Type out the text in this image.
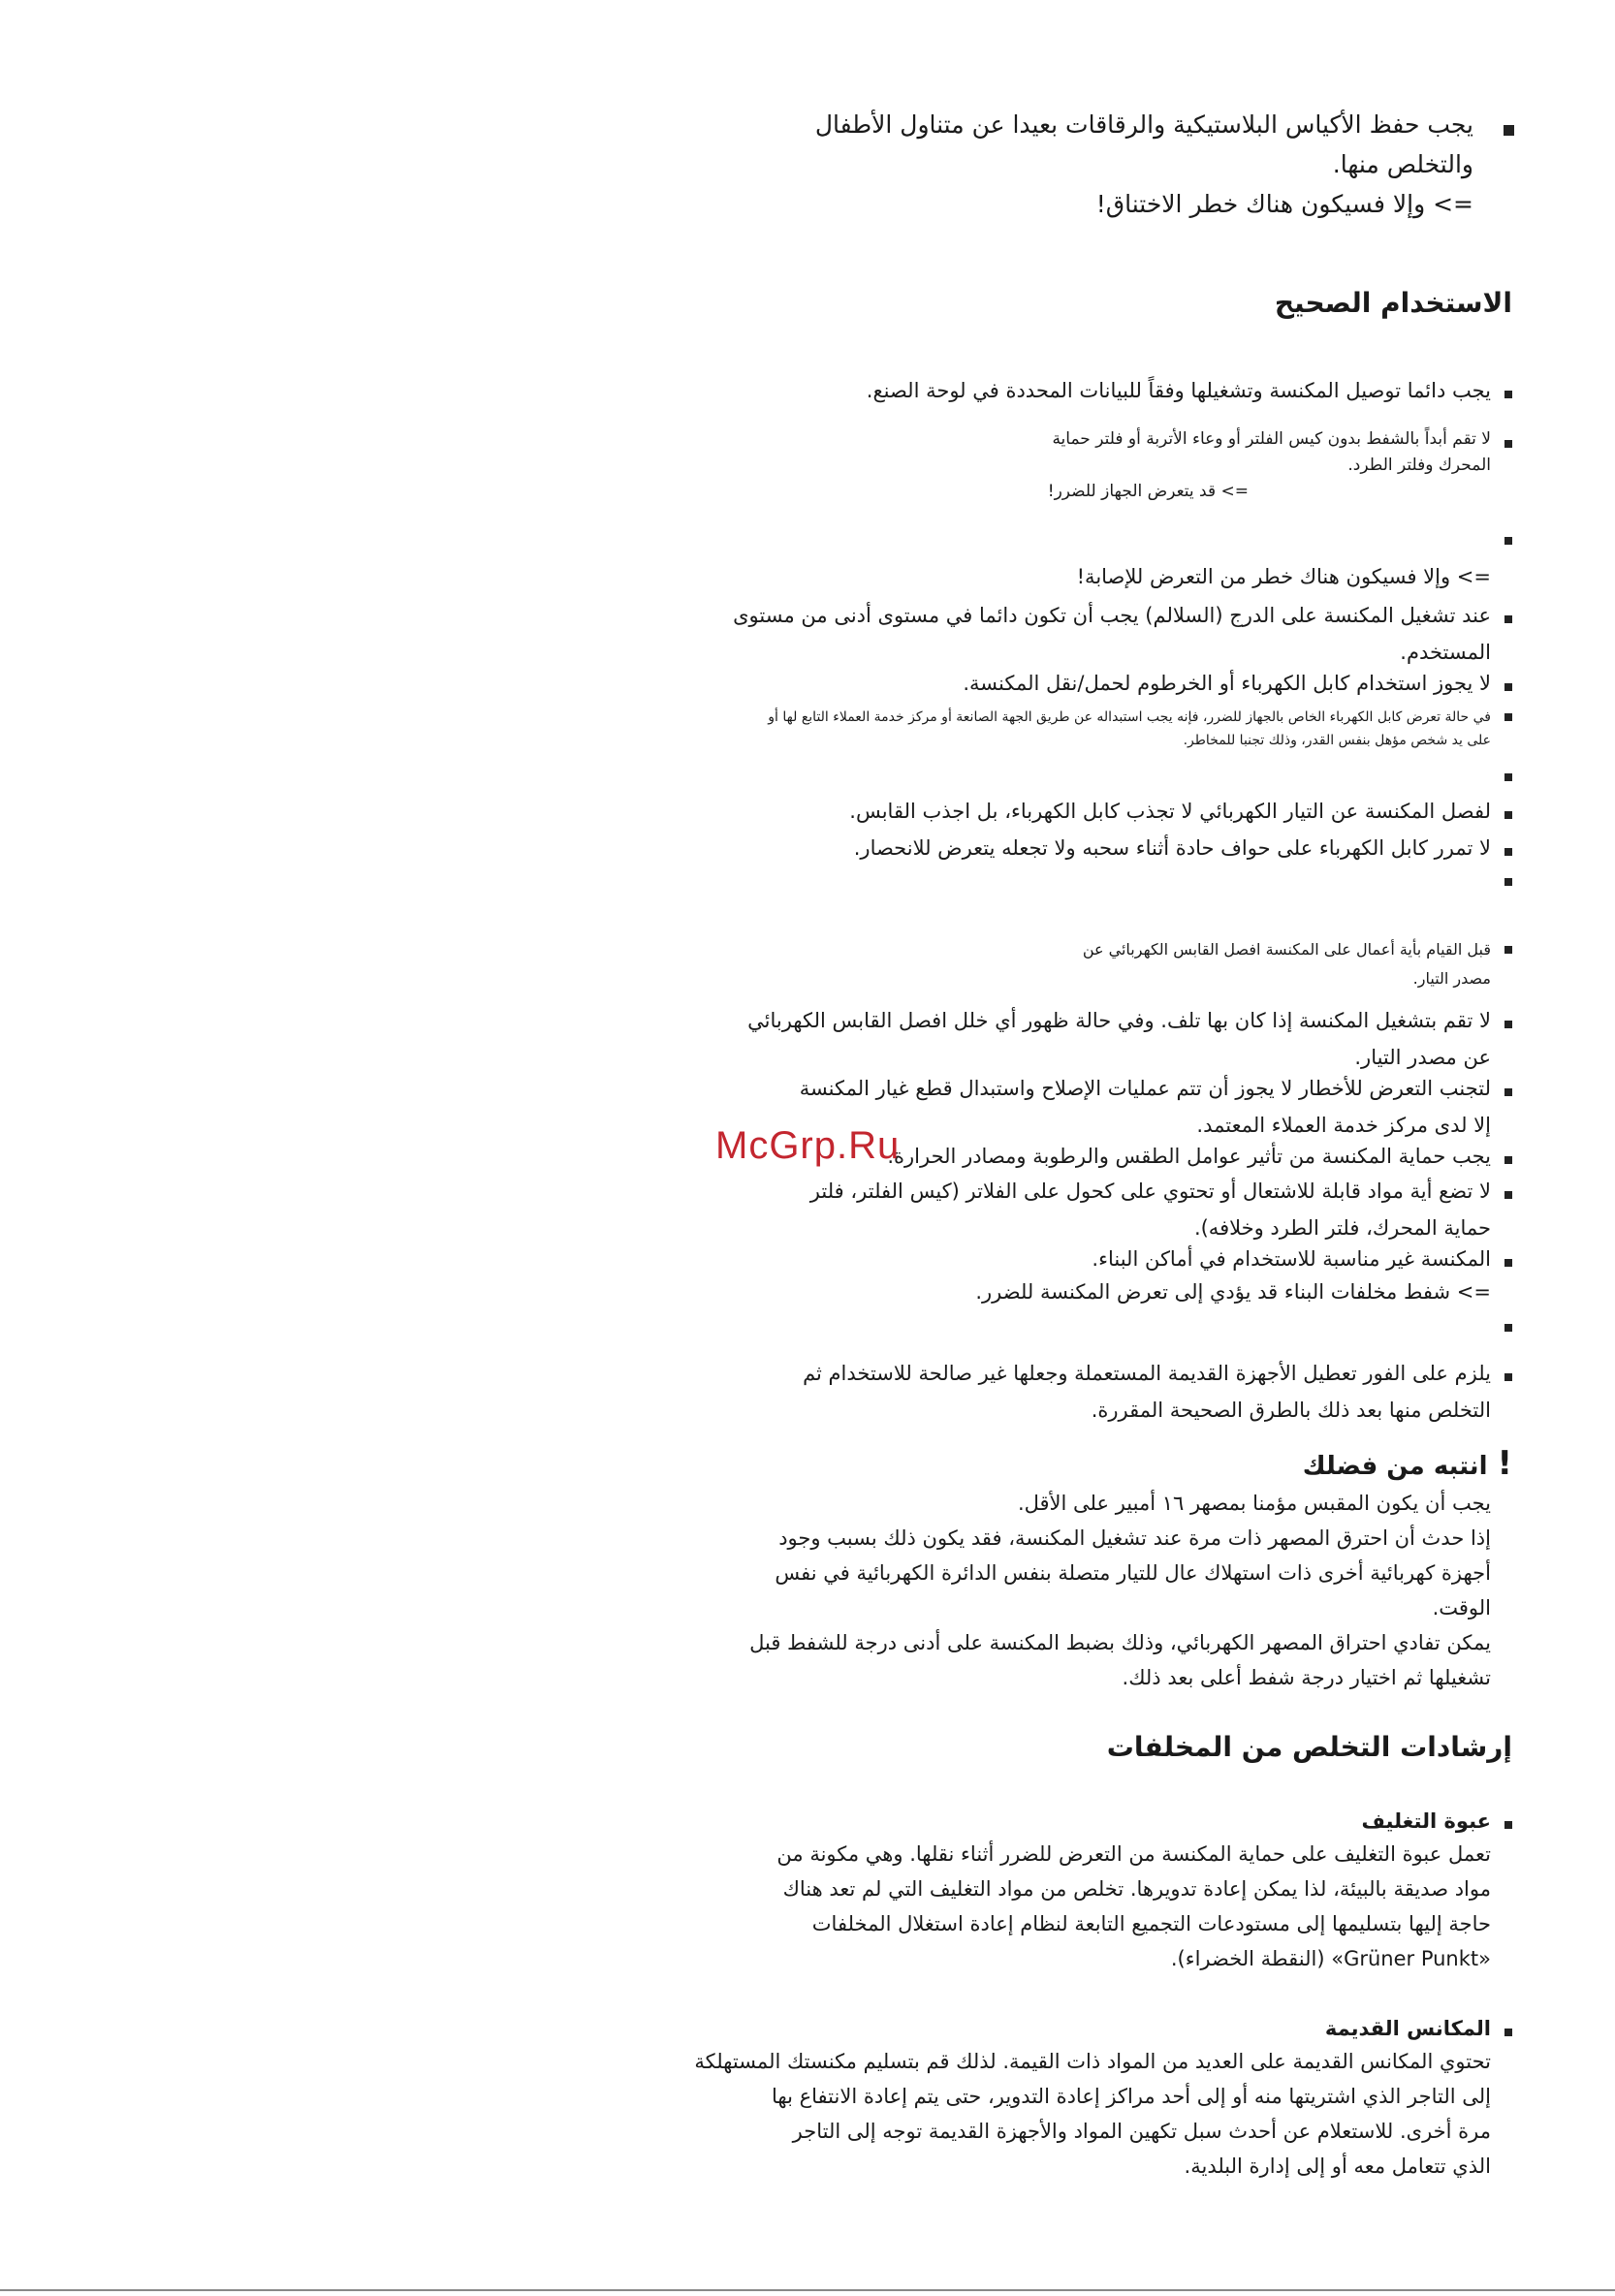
يجب حفظ الأكياس البلاستيكية والرقاقات بعيدا عن متناول الأطفال
والتخلص منها.
=> وإلا فسيكون هناك خطر الاختناق!
الاستخدام الصحيح
يجب دائما توصيل المكنسة وتشغيلها وفقاً للبيانات المحددة في لوحة الصنع.
لا تقم أبداً بالشفط بدون كيس الفلتر أو وعاء الأتربة أو فلتر حماية
المحرك وفلتر الطرد.
=> قد يتعرض الجهاز للضرر!
=> وإلا فسيكون هناك خطر من التعرض للإصابة!
عند تشغيل المكنسة على الدرج (السلالم) يجب أن تكون دائما في مستوى أدنى من مستوى
المستخدم.
لا يجوز استخدام كابل الكهرباء أو الخرطوم لحمل/نقل المكنسة.
في حالة تعرض كابل الكهرباء الخاص بالجهاز للضرر، فإنه يجب استبداله عن طريق الجهة الصانعة أو مركز خدمة العملاء التابع لها أو
على يد شخص مؤهل بنفس القدر، وذلك تجنبا للمخاطر.
لفصل المكنسة عن التيار الكهربائي لا تجذب كابل الكهرباء، بل اجذب القابس.
لا تمرر كابل الكهرباء على حواف حادة أثناء سحبه ولا تجعله يتعرض للانحصار.
قبل القيام بأية أعمال على المكنسة افصل القابس الكهربائي عن
مصدر التيار.
لا تقم بتشغيل المكنسة إذا كان بها تلف. وفي حالة ظهور أي خلل افصل القابس الكهربائي
عن مصدر التيار.
لتجنب التعرض للأخطار لا يجوز أن تتم عمليات الإصلاح واستبدال قطع غيار المكنسة
إلا لدى مركز خدمة العملاء المعتمد.
يجب حماية المكنسة من تأثير عوامل الطقس والرطوبة ومصادر الحرارة.
لا تضع أية مواد قابلة للاشتعال أو تحتوي على كحول على الفلاتر (كيس الفلتر، فلتر
حماية المحرك، فلتر الطرد وخلافه).
المكنسة غير مناسبة للاستخدام في أماكن البناء.
=> شفط مخلفات البناء قد يؤدي إلى تعرض المكنسة للضرر.
يلزم على الفور تعطيل الأجهزة القديمة المستعملة وجعلها غير صالحة للاستخدام ثم
التخلص منها بعد ذلك بالطرق الصحيحة المقررة.
!انتبه من فضلك
يجب أن يكون المقبس مؤمنا بمصهر ١٦ أمبير على الأقل.
إذا حدث أن احترق المصهر ذات مرة عند تشغيل المكنسة، فقد يكون ذلك بسبب وجود
أجهزة كهربائية أخرى ذات استهلاك عال للتيار متصلة بنفس الدائرة الكهربائية في نفس
الوقت.
يمكن تفادي احتراق المصهر الكهربائي، وذلك بضبط المكنسة على أدنى درجة للشفط قبل
تشغيلها ثم اختيار درجة شفط أعلى بعد ذلك.
إرشادات التخلص من المخلفات
عبوة التغليف
تعمل عبوة التغليف على حماية المكنسة من التعرض للضرر أثناء نقلها. وهي مكونة من
مواد صديقة بالبيئة، لذا يمكن إعادة تدويرها. تخلص من مواد التغليف التي لم تعد هناك
حاجة إليها بتسليمها إلى مستودعات التجميع التابعة لنظام إعادة استغلال المخلفات
«Grüner Punkt» (النقطة الخضراء).
المكانس القديمة
تحتوي المكانس القديمة على العديد من المواد ذات القيمة. لذلك قم بتسليم مكنستك المستهلكة
إلى التاجر الذي اشتريتها منه أو إلى أحد مراكز إعادة التدوير، حتى يتم إعادة الانتفاع بها
مرة أخرى. للاستعلام عن أحدث سبل تكهين المواد والأجهزة القديمة توجه إلى التاجر
الذي تتعامل معه أو إلى إدارة البلدية.
McGrp.Ru
